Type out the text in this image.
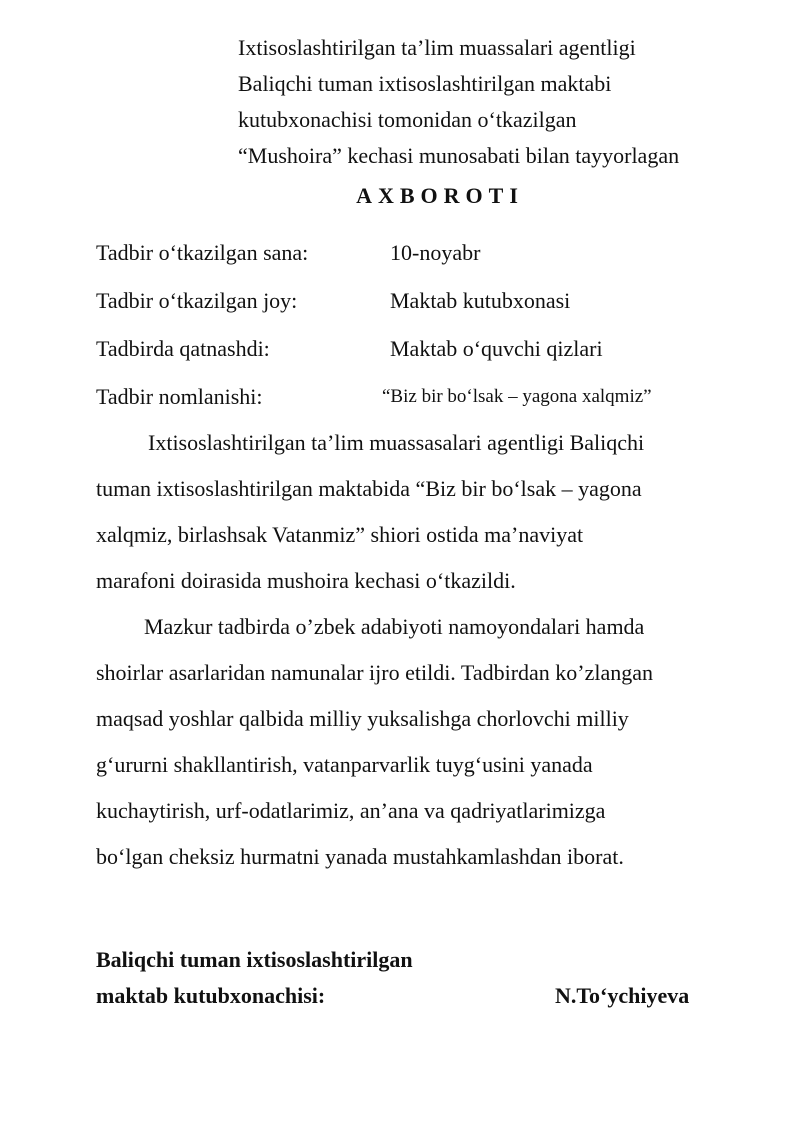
Ixtisoslashtirilgan ta’lim muassalari agentligi
Baliqchi tuman ixtisoslashtirilgan maktabi
kutubxonachisi tomonidan o‘tkazilgan
“Mushoira” kechasi munosabati bilan tayyorlagan
AXBOROTI
Tadbir o‘tkazilgan sana:	10-noyabr
Tadbir o‘tkazilgan joy:	Maktab kutubxonasi
Tadbirda qatnashdi:	Maktab o‘quvchi qizlari
Tadbir nomlanishi:	“Biz bir bo‘lsak – yagona xalqmiz”
Ixtisoslashtirilgan ta’lim muassasalari agentligi Baliqchi
tuman ixtisoslashtirilgan maktabida “Biz bir bo‘lsak – yagona
xalqmiz, birlashsak Vatanmiz” shiori ostida ma’naviyat
marafoni doirasida mushoira kechasi o‘tkazildi.
Mazkur tadbirda o’zbek adabiyoti namoyondalari hamda
shoirlar asarlaridan namunalar ijro etildi. Tadbirdan ko’zlangan
maqsad yoshlar qalbida milliy yuksalishga chorlovchi milliy
g‘ururni shakllantirish, vatanparvarlik tuyg‘usini yanada
kuchaytirish, urf-odatlarimiz, an’ana va qadriyatlarimizga
bo‘lgan cheksiz hurmatni yanada mustahkamlashdan iborat.
Baliqchi tuman ixtisoslashtirilgan
maktab kutubxonachisi:	N.To‘ychiyeva
